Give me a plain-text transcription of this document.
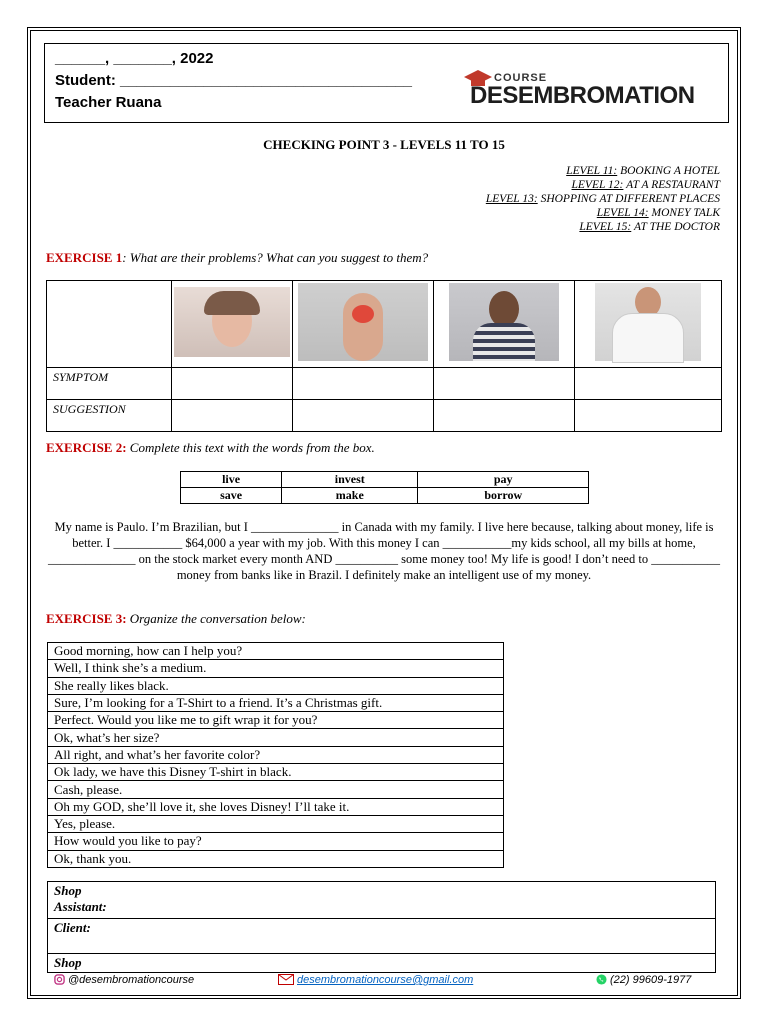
______, _______, 2022
Student: ___________________________________
Teacher Ruana
COURSE
DESEMBROMATION
CHECKING POINT 3 - LEVELS 11 TO 15
LEVEL 11: BOOKING A HOTEL
LEVEL 12: AT A RESTAURANT
LEVEL 13: SHOPPING AT DIFFERENT PLACES
LEVEL 14: MONEY TALK
LEVEL 15: AT THE DOCTOR
EXERCISE 1: What are their problems? What can you suggest to them?

SYMPTOM				
SUGGESTION				
EXERCISE 2: Complete this text with the words from the box.
live	invest	pay
save	make	borrow
My name is Paulo. I’m Brazilian, but I ______________ in Canada with my family. I live here because, talking about money, life is better. I ___________ $64,000 a year with my job. With this money I can ___________my kids school, all my bills at home, ______________ on the stock market every month AND __________ some money too! My life is good! I don’t need to ___________ money from banks like in Brazil. I definitely make an intelligent use of my money.
EXERCISE 3: Organize the conversation below:
Good morning, how can I help you?
Well, I think she’s a medium.
She really likes black.
Sure, I’m looking for a T-Shirt to a friend. It’s a Christmas gift.
Perfect. Would you like me to gift wrap it for you?
Ok, what’s her size?
All right, and what’s her favorite color?
Ok lady, we have this Disney T-shirt in black.
Cash, please.
Oh my GOD, she’ll love it, she loves Disney! I’ll take it.
Yes, please.
How would you like to pay?
Ok, thank you.
Shop Assistant:
Client:
Shop
@desembromationcourse	desembromationcourse@gmail.com	(22) 99609-1977
